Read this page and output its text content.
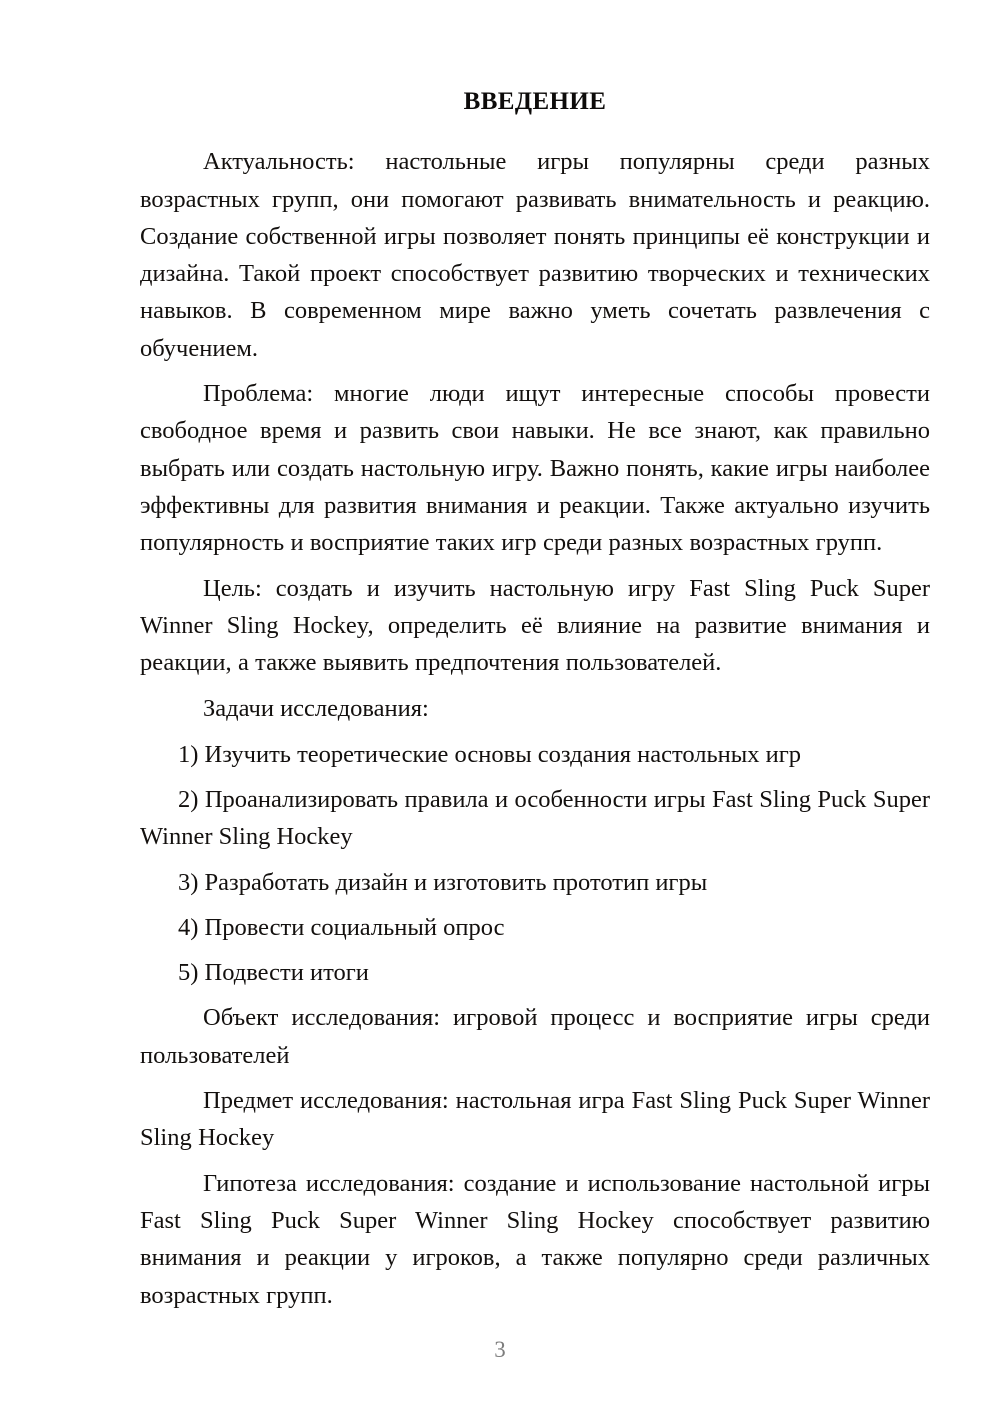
ВВЕДЕНИЕ

Актуальность: настольные игры популярны среди разных возрастных групп, они помогают развивать внимательность и реакцию. Создание собственной игры позволяет понять принципы её конструкции и дизайна. Такой проект способствует развитию творческих и технических навыков. В современном мире важно уметь сочетать развлечения с обучением.

Проблема: многие люди ищут интересные способы провести свободное время и развить свои навыки. Не все знают, как правильно выбрать или создать настольную игру. Важно понять, какие игры наиболее эффективны для развития внимания и реакции. Также актуально изучить популярность и восприятие таких игр среди разных возрастных групп.

Цель: создать и изучить настольную игру Fast Sling Puck Super Winner Sling Hockey, определить её влияние на развитие внимания и реакции, а также выявить предпочтения пользователей.

Задачи исследования:

1) Изучить теоретические основы создания настольных игр

2) Проанализировать правила и особенности игры Fast Sling Puck Super Winner Sling Hockey

3) Разработать дизайн и изготовить прототип игры

4) Провести социальный опрос

5) Подвести итоги

Объект исследования: игровой процесс и восприятие игры среди пользователей

Предмет исследования: настольная игра Fast Sling Puck Super Winner Sling Hockey

Гипотеза исследования: создание и использование настольной игры Fast Sling Puck Super Winner Sling Hockey способствует развитию внимания и реакции у игроков, а также популярно среди различных возрастных групп.

3
